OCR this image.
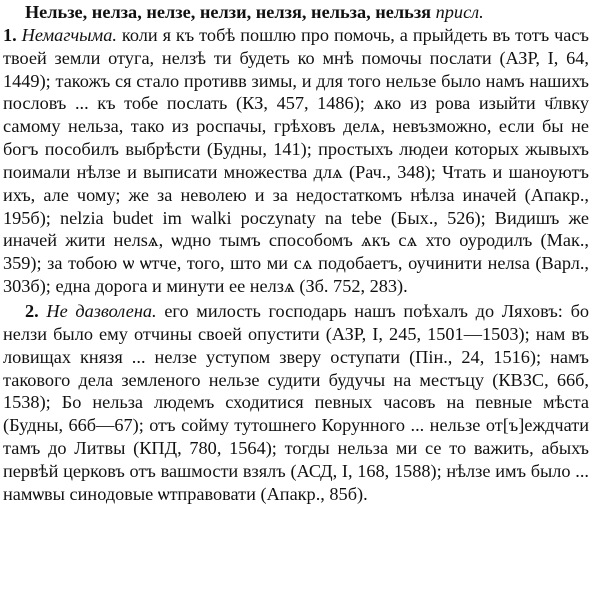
Нельзе, нелза, нелзе, нелзи, нелзя, нельза, нельзя присл.
1. Немагчыма. коли я къ тобѣ пошлю про помочь, а прыйдеть въ тотъ часъ твоей земли отуга, нелзѣ ти будеть ко мнѣ помочы послати (АЗР, I, 64, 1449); такожъ ся стало противв зимы, и для того нельзе было намъ нашихъ пословъ ... къ тобе послать (КЗ, 457, 1486); ѧко из рова изыйти ч҃лвку самому нельза, тако из роспачы, грѣховъ делѧ, невъзможно, если бы не богъ пособилъ выбрѣсти (Будны, 141); простыхъ людеи которых жывыхъ поимали нѣлзе и выписати множества длѧ (Рач., 348); Чтать и шаноуютъ ихъ, але чому; же за неволею и за недостаткомъ нѣлза иначей (Апакр., 195б); nelzia budet im walki poczynaty na tebe (Бых., 526); Видишъ же иначей жити нелѕѧ, ѡдно тымъ способомъ ѧкъ сѧ хто оуродилъ (Мак., 359); за тобою ѡ ѡтче, того, што ми сѧ подобаетъ, оучинити нелѕа (Варл., 303б); една дорога и минути ее нелзѧ (Зб. 752, 283).

2. Не дазволена. его милость господарь нашъ поѣхалъ до Ляховъ: бо нелзи было ему отчины своей опустити (АЗР, I, 245, 1501—1503); нам въ ловищах князя ... нелзе уступом зверу оступати (Пін., 24, 1516); намъ такового дела земленого нельзе судити будучы на местъцу (КВЗС, 66б, 1538); Бо нельза людемъ сходитися певных часовъ на певные мѣста (Будны, 66б—67); отъ сойму тутошнего Корунного ... нельзе от[ъ]еждчати тамъ до Литвы (КПД, 780, 1564); тогды нельза ми се то важить, абыхъ первѣй церковъ отъ вашмости взялъ (АСД, I, 168, 1588); нѣлзе имъ было ... намѡвы синодовые ѡтправовати (Апакр., 85б).
